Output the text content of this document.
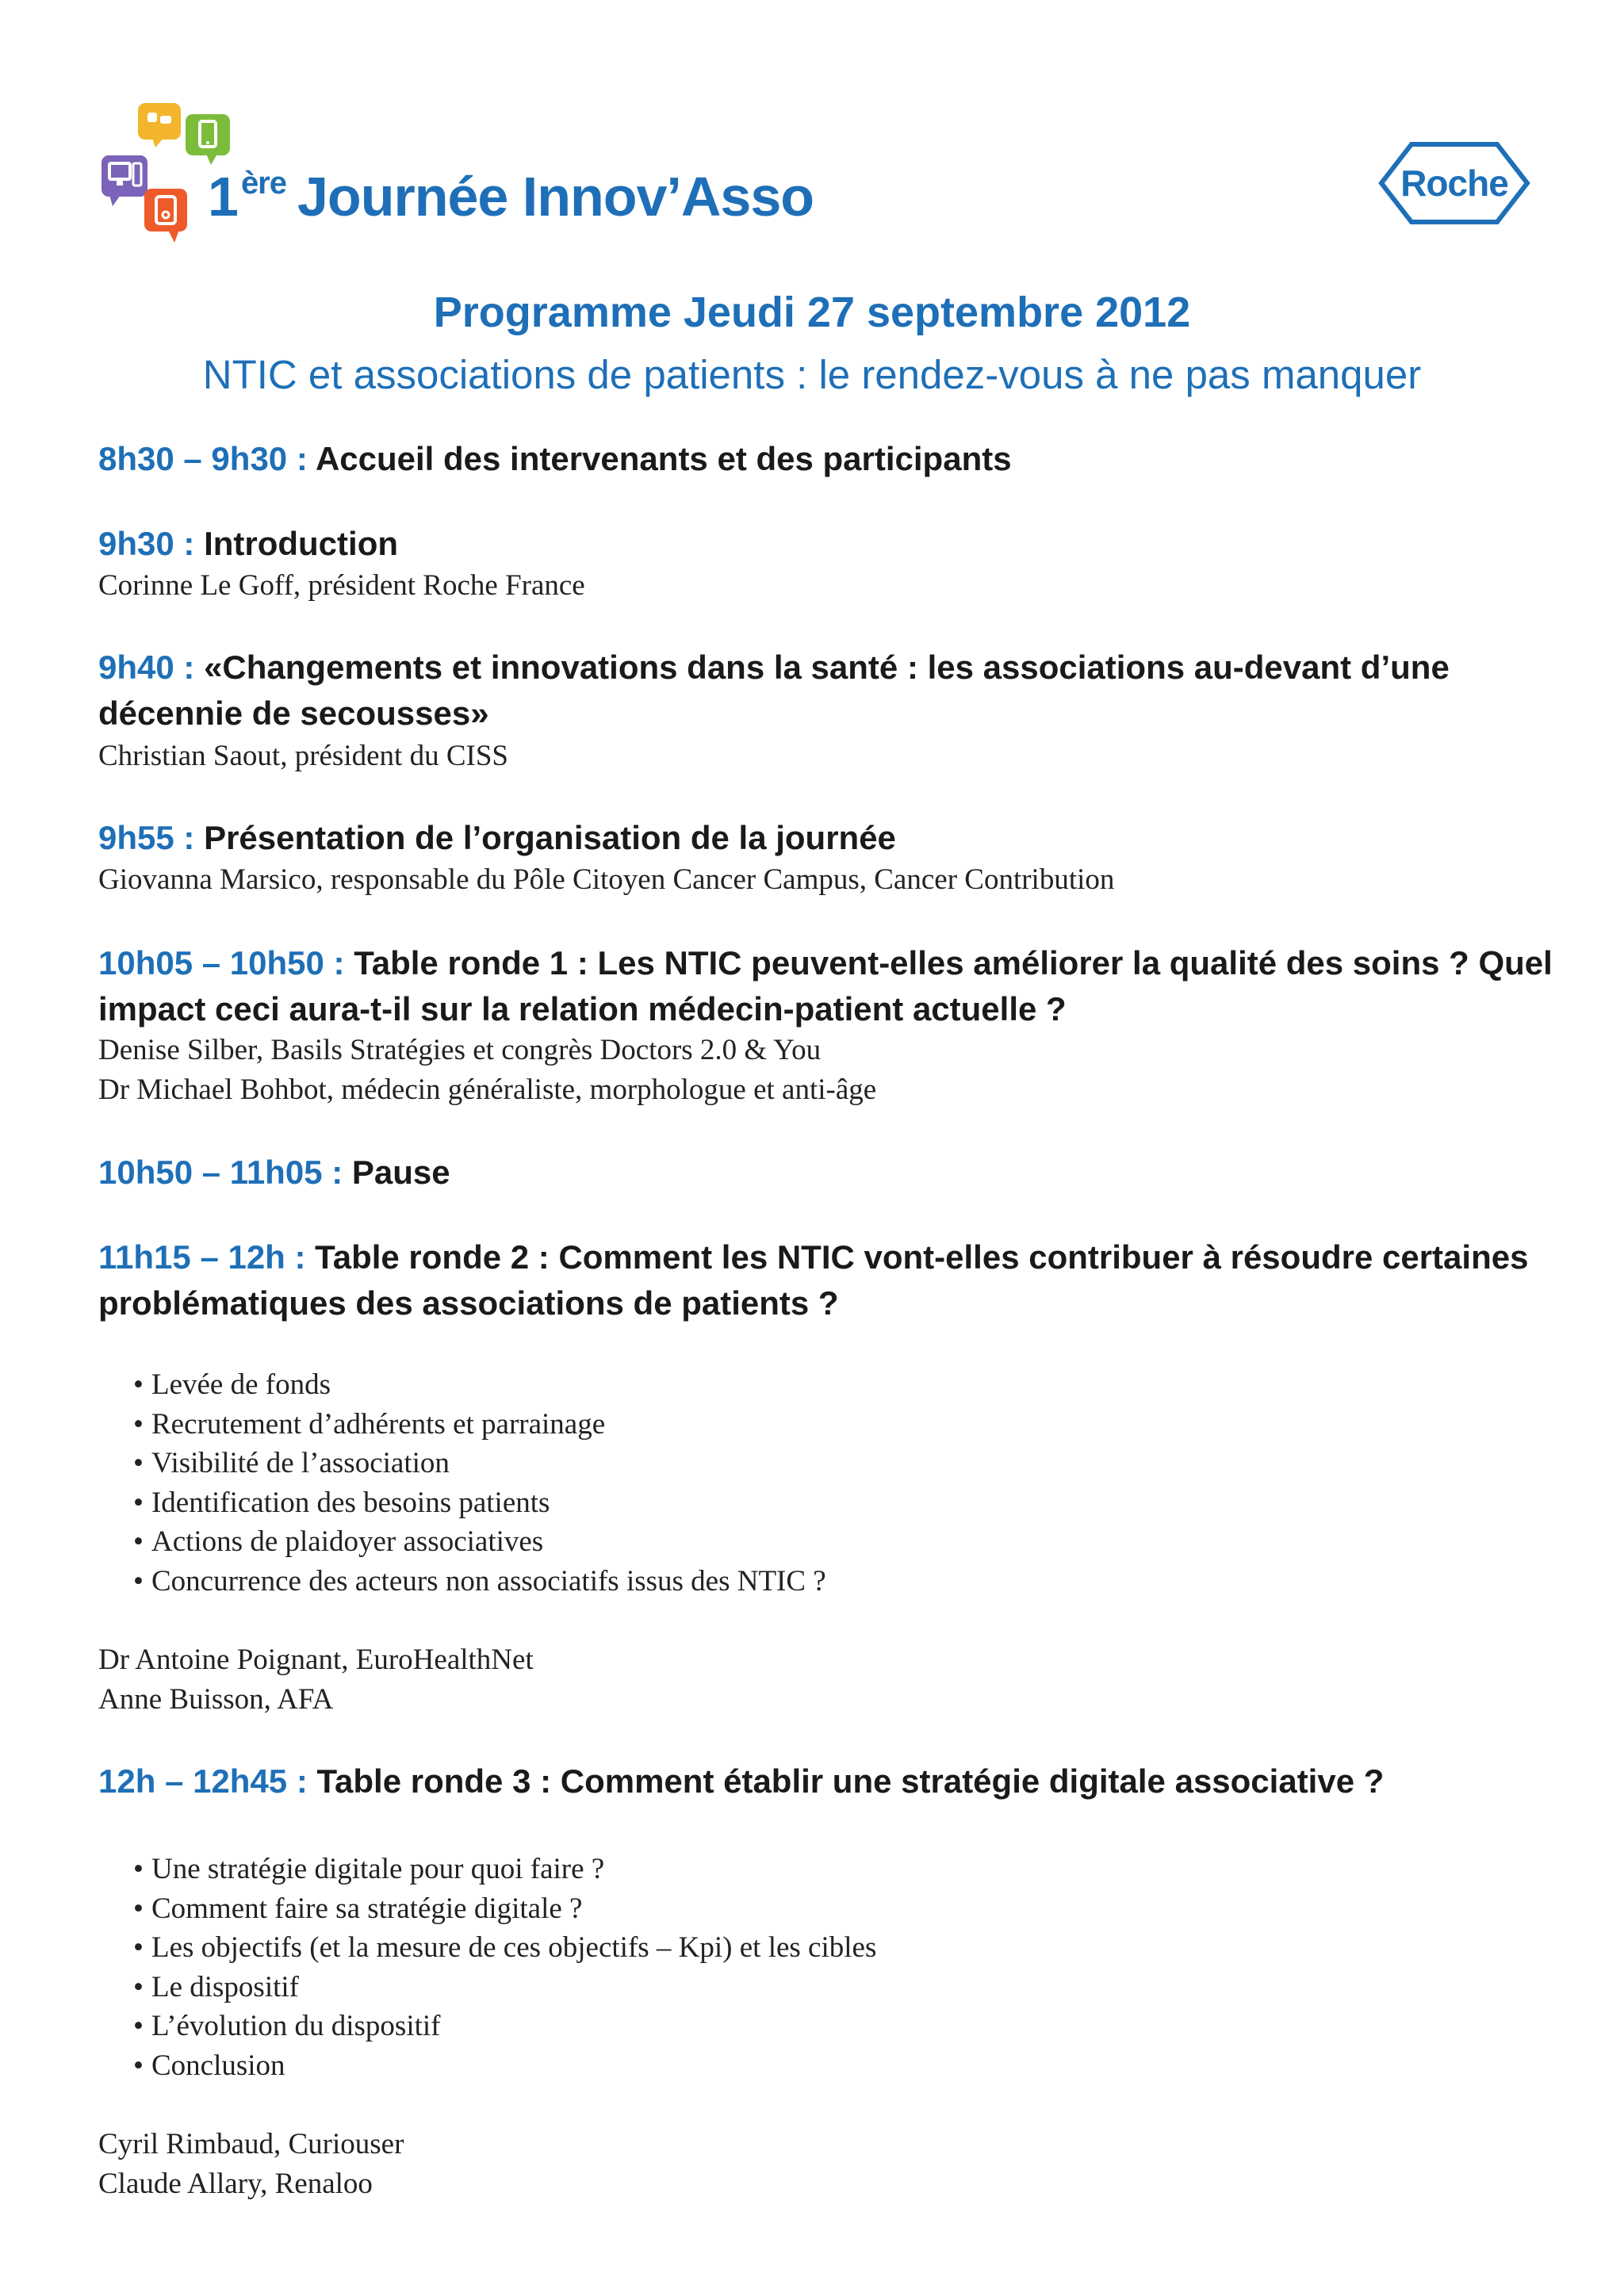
1 $^{ère}$ Journée Innov’Asso	Roche
Programme Jeudi 27 septembre 2012
NTIC et associations de patients : le rendez-vous à ne pas manquer

8h30 – 9h30 : Accueil des intervenants et des participants

9h30 : Introduction

Corinne Le Goff, président Roche France

9h40 : «Changements et innovations dans la santé : les associations au-devant d’une décennie de secousses»

Christian Saout, président du CISS

9h55 : Présentation de l’organisation de la journée

Giovanna Marsico, responsable du Pôle Citoyen Cancer Campus, Cancer Contribution

10h05 – 10h50 : Table ronde 1 : Les NTIC peuvent-elles améliorer la qualité des soins ? Quel impact ceci aura-t-il sur la relation médecin-patient actuelle ?

Denise Silber, Basils Stratégies et congrès Doctors 2.0 & You
Dr Michael Bohbot, médecin généraliste, morphologue et anti-âge

10h50 – 11h05 : Pause

11h15 – 12h : Table ronde 2 : Comment les NTIC vont-elles contribuer à résoudre certaines problématiques des associations de patients ?

• Levée de fonds
• Recrutement d’adhérents et parrainage
• Visibilité de l’association
• Identification des besoins patients
• Actions de plaidoyer associatives
• Concurrence des acteurs non associatifs issus des NTIC ?
Dr Antoine Poignant, EuroHealthNet
Anne Buisson, AFA

12h – 12h45 : Table ronde 3 : Comment établir une stratégie digitale associative ?

• Une stratégie digitale pour quoi faire ?
• Comment faire sa stratégie digitale ?
• Les objectifs (et la mesure de ces objectifs – Kpi) et les cibles
• Le dispositif
• L’évolution du dispositif
• Conclusion
Cyril Rimbaud, Curiouser
Claude Allary, Renaloo
